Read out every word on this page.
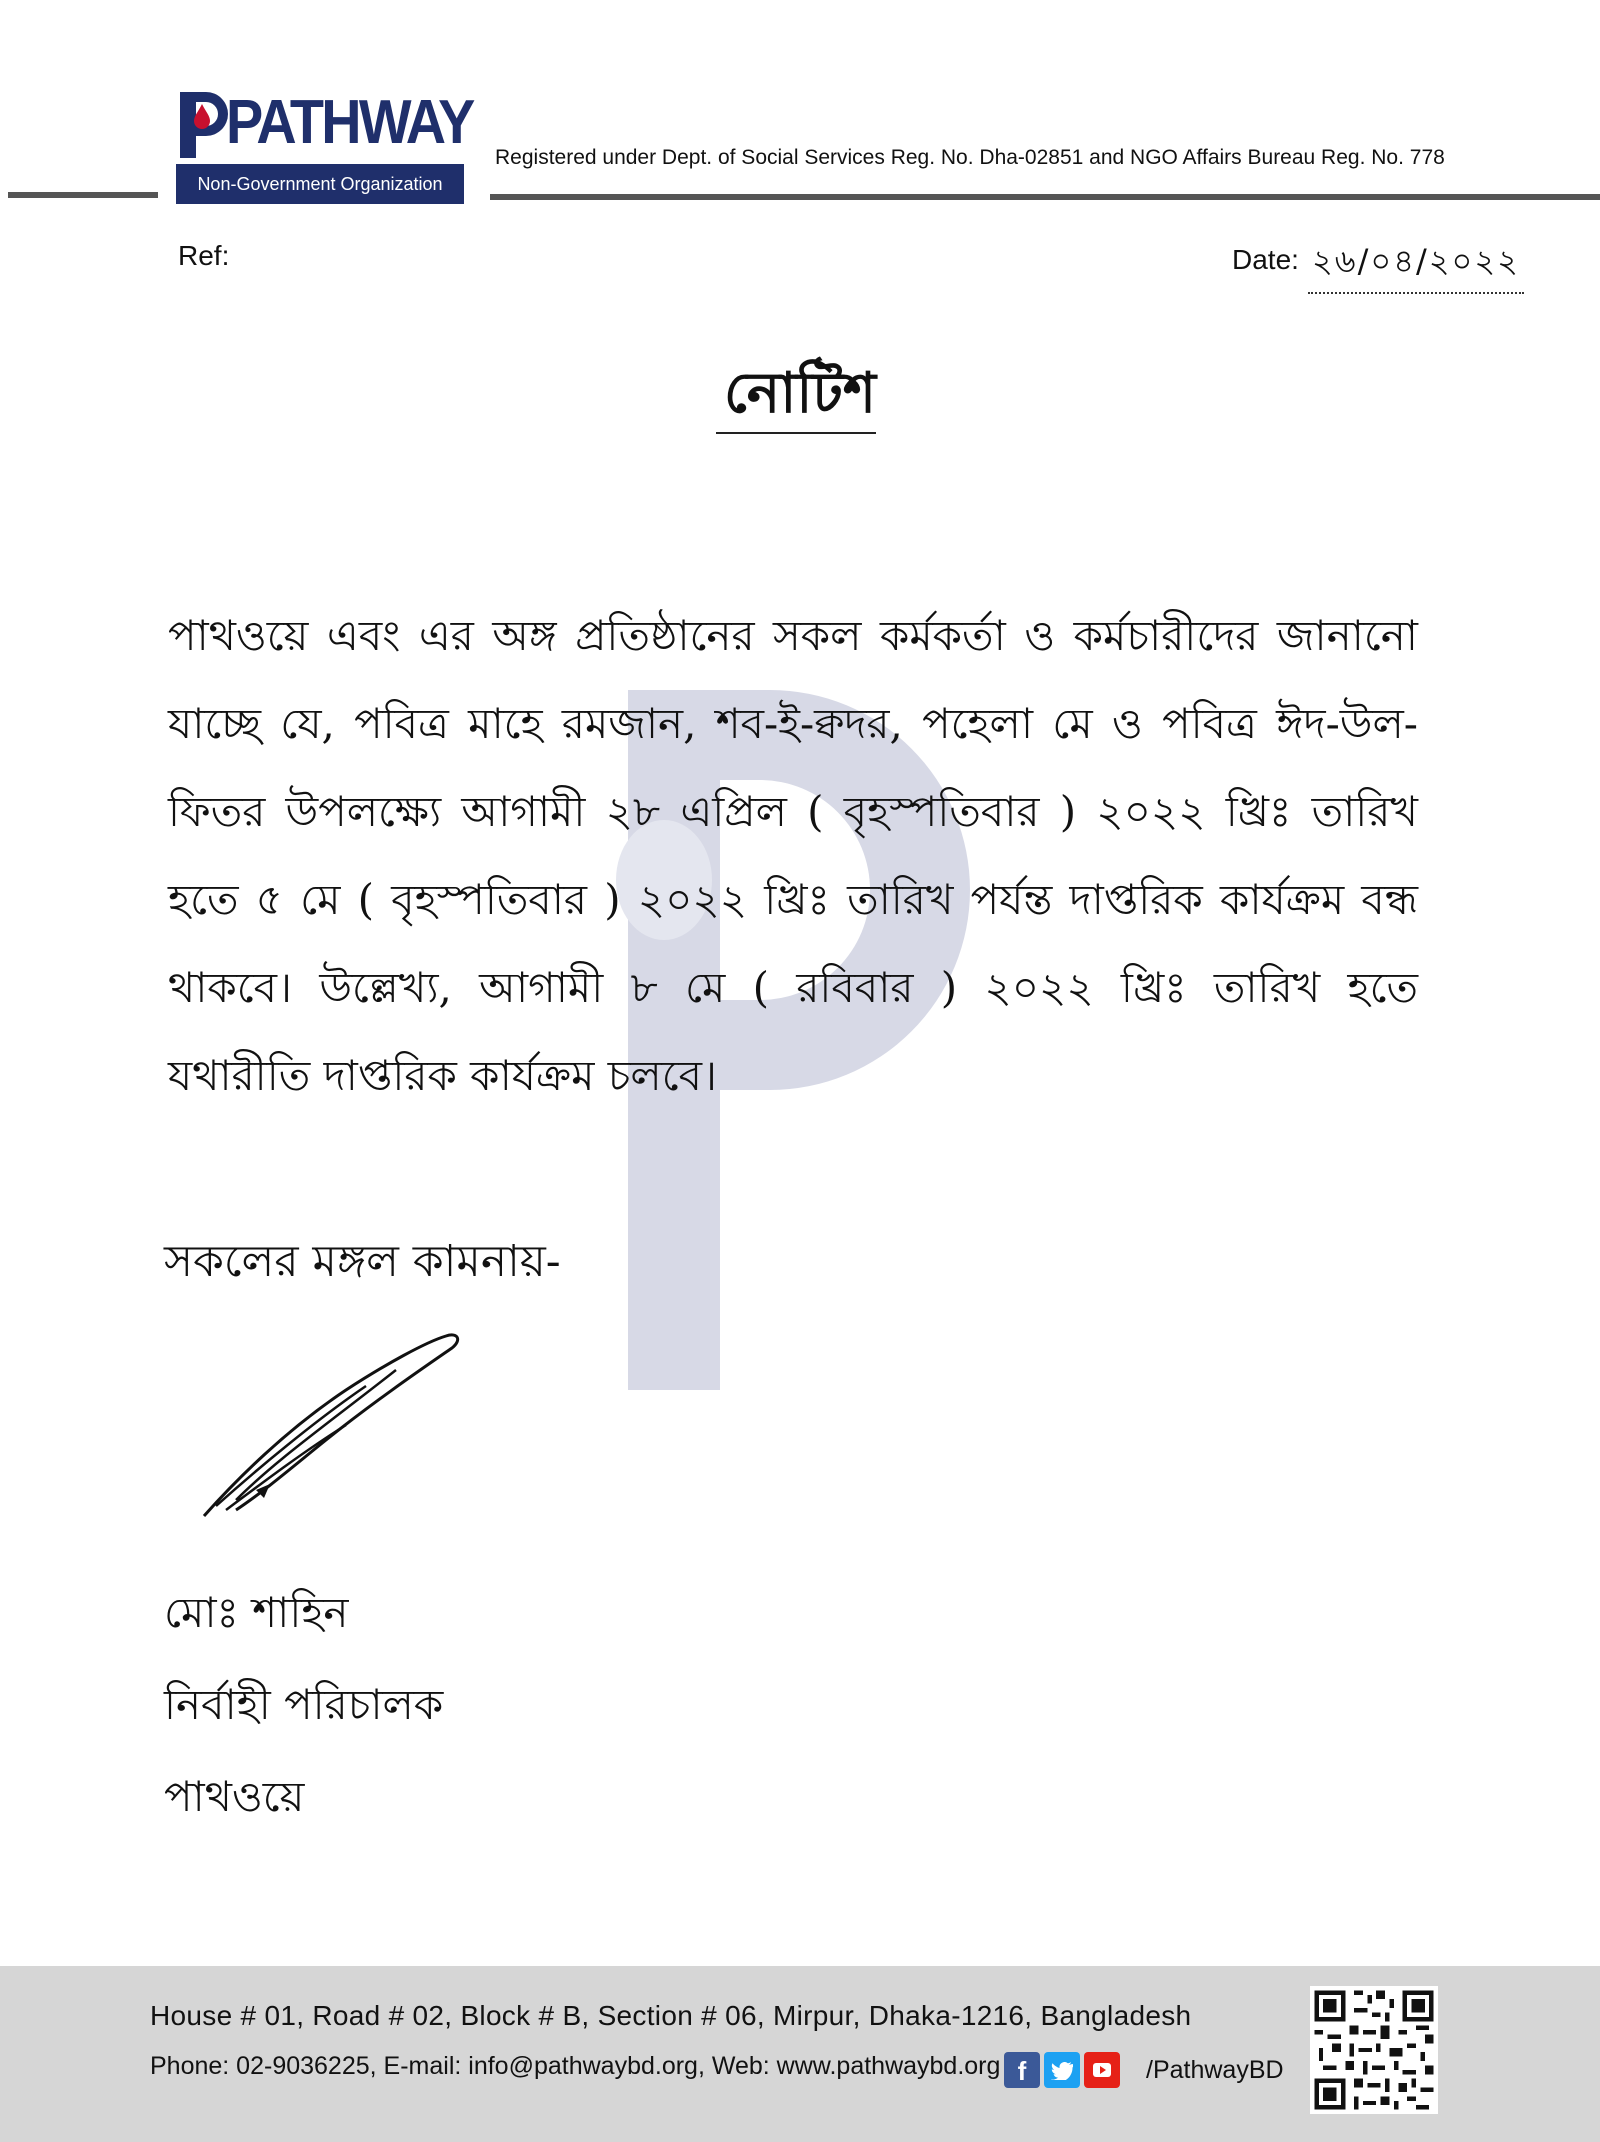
PATHWAY
Non-Government Organization
Registered under Dept. of Social Services Reg. No. Dha-02851 and NGO Affairs Bureau Reg. No. 778
Ref:	Date: ২৬/০৪/২০২২
নোটিশ
পাথওয়ে এবং এর অঙ্গ প্রতিষ্ঠানের সকল কর্মকর্তা ও কর্মচারীদের জানানো যাচ্ছে যে, পবিত্র মাহে রমজান, শব-ই-ক্বদর, পহেলা মে ও পবিত্র ঈদ-উল-ফিতর উপলক্ষ্যে আগামী ২৮ এপ্রিল ( বৃহস্পতিবার ) ২০২২ খ্রিঃ তারিখ হতে ৫ মে ( বৃহস্পতিবার ) ২০২২ খ্রিঃ তারিখ পর্যন্ত দাপ্তরিক কার্যক্রম বন্ধ থাকবে। উল্লেখ্য, আগামী ৮ মে ( রবিবার ) ২০২২ খ্রিঃ তারিখ হতে যথারীতি দাপ্তরিক কার্যক্রম চলবে।
সকলের মঙ্গল কামনায়-
মোঃ শাহিন
নির্বাহী পরিচালক
পাথওয়ে
House # 01, Road # 02, Block # B, Section # 06, Mirpur, Dhaka-1216, Bangladesh
Phone: 02-9036225, E-mail: info@pathwaybd.org, Web: www.pathwaybd.org f	/PathwayBD
